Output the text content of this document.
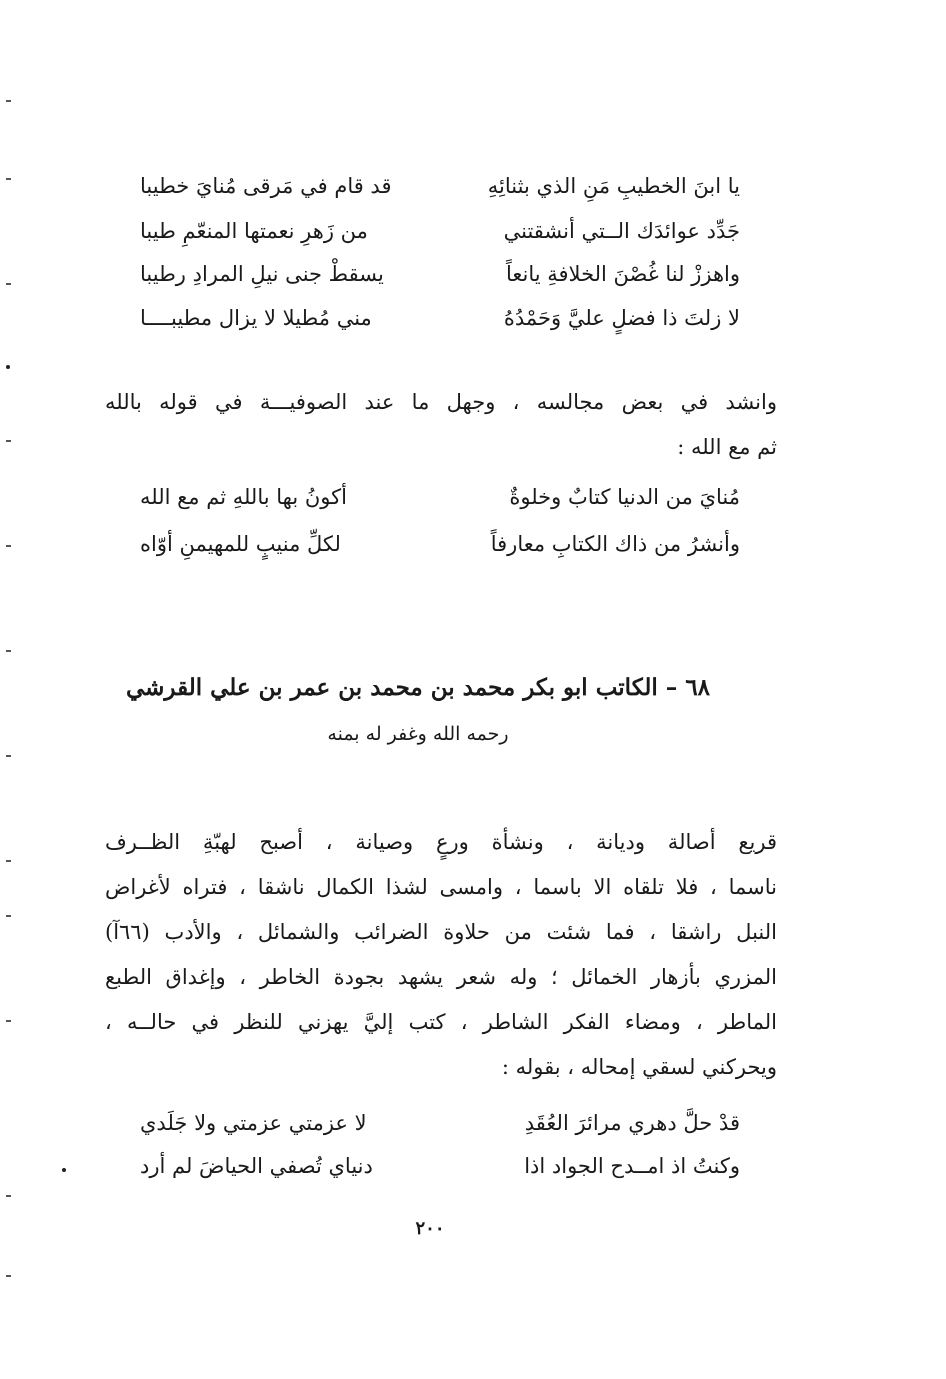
يا ابنَ الخطيبِ مَنِ الذي بثنائِهِ
قد قام في مَرقى مُنايَ خطيبا
جَدِّد عوائدَك الــتي أنشقتني
من زَهرِ نعمتها المنعّمِ طيبا
واهززْ لنا غُصْنَ الخلافةِ يانعاً
يسقطْ جنى نيلِ المرادِ رطيبا
لا زلتَ ذا فضلٍ عليَّ وَحَمْدُهُ
مني مُطيلا لا يزال مطيبــــا
وانشد في بعض مجالسه ، وجهل ما عند الصوفيـــة في قوله بالله
ثم مع الله :
مُنايَ من الدنيا كتابٌ وخلوةٌ
أكونُ بها باللهِ ثم مع الله
وأنشرُ من ذاك الكتابِ معارفاً
لكلِّ منيبٍ للمهيمنِ أوّاه
٦٨ – الكاتب ابو بكر محمد بن محمد بن عمر بن علي القرشي
رحمه الله وغفر له بمنه
قريع أصالة وديانة ، ونشأة ورعٍ وصيانة ، أصبح لهبّةِ الظــرف
ناسما ، فلا تلقاه الا باسما ، وامسى لشذا الكمال ناشقا ، فتراه لأغراض
النبل راشقا ، فما شئت من حلاوة الضرائب والشمائل ، والأدب (٦٦آ)
المزري بأزهار الخمائل ؛ وله شعر يشهد بجودة الخاطر ، وإغداق الطبع
الماطر ، ومضاء الفكر الشاطر ، كتب إليَّ يهزني للنظر في حالــه ،
ويحركني لسقي إمحاله ، بقوله :
قدْ حلَّ دهري مرائرَ العُقَدِ
لا عزمتي عزمتي ولا جَلَدي
وكنتُ اذ امــدح الجواد اذا
دنياي تُصفي الحياضَ لم أرد
٢٠٠
